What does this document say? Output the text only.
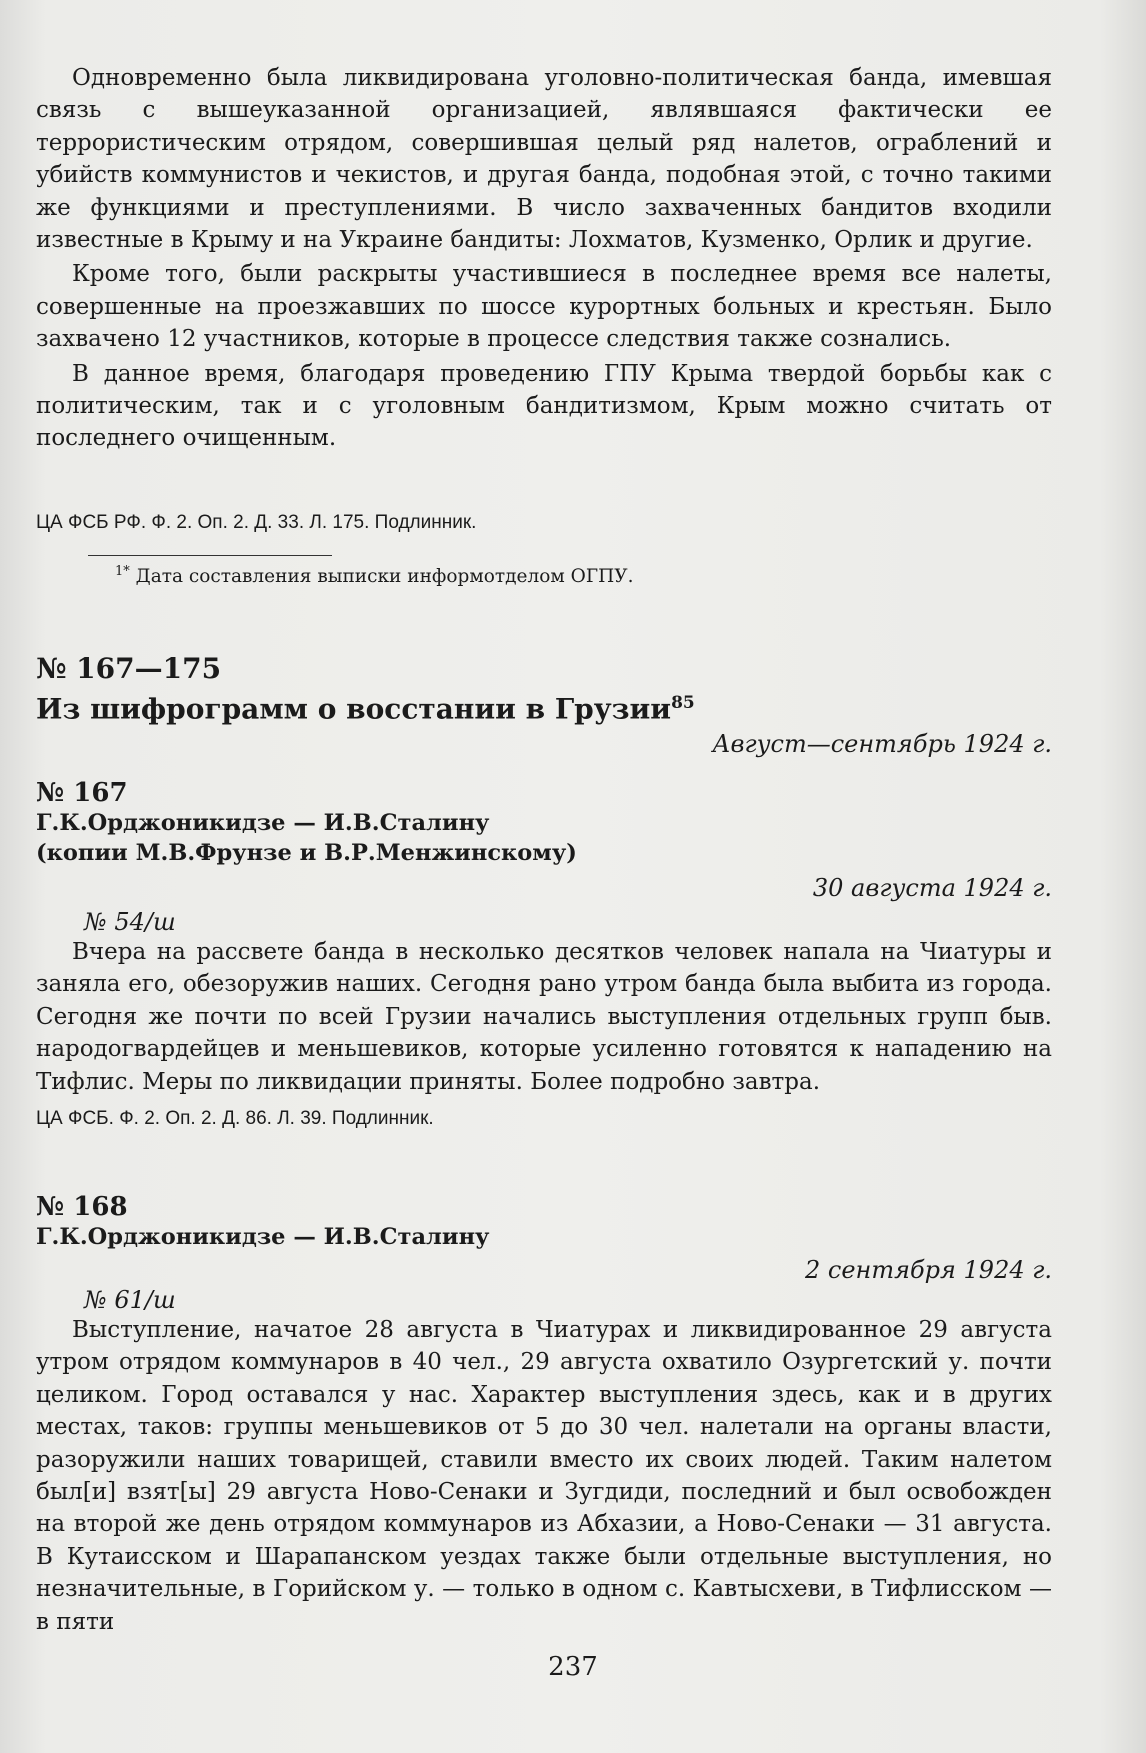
Одновременно была ликвидирована уголовно-политическая банда, имевшая связь с вышеуказанной организацией, являвшаяся фактически ее террористическим отрядом, совершившая целый ряд налетов, ограблений и убийств коммунистов и чекистов, и другая банда, подобная этой, с точно такими же функциями и преступлениями. В число захваченных бандитов входили известные в Крыму и на Украине бандиты: Лохматов, Кузменко, Орлик и другие.

Кроме того, были раскрыты участившиеся в последнее время все налеты, совершенные на проезжавших по шоссе курортных больных и крестьян. Было захвачено 12 участников, которые в процессе следствия также сознались.

В данное время, благодаря проведению ГПУ Крыма твердой борьбы как с политическим, так и с уголовным бандитизмом, Крым можно считать от последнего очищенным.

ЦА ФСБ РФ. Ф. 2. Оп. 2. Д. 33. Л. 175. Подлинник.

$^{1*}$ Дата составления выписки информотделом ОГПУ.

№ 167—175

Из шифрограмм о восстании в Грузии$^{85}$

Август—сентябрь 1924 г.

№ 167

Г.К.Орджоникидзе — И.В.Сталину

(копии М.В.Фрунзе и В.Р.Менжинскому)

30 августа 1924 г.

№ 54/ш

Вчера на рассвете банда в несколько десятков человек напала на Чиатуры и заняла его, обезоружив наших. Сегодня рано утром банда была выбита из города. Сегодня же почти по всей Грузии начались выступления отдельных групп быв. народогвардейцев и меньшевиков, которые усиленно готовятся к нападению на Тифлис. Меры по ликвидации приняты. Более подробно завтра.

ЦА ФСБ. Ф. 2. Оп. 2. Д. 86. Л. 39. Подлинник.

№ 168

Г.К.Орджоникидзе — И.В.Сталину

2 сентября 1924 г.

№ 61/ш

Выступление, начатое 28 августа в Чиатурах и ликвидированное 29 августа утром отрядом коммунаров в 40 чел., 29 августа охватило Озургетский у. почти целиком. Город оставался у нас. Характер выступления здесь, как и в других местах, таков: группы меньшевиков от 5 до 30 чел. налетали на органы власти, разоружили наших товарищей, ставили вместо их своих людей. Таким налетом был[и] взят[ы] 29 августа Ново-Сенаки и Зугдиди, последний и был освобожден на второй же день отрядом коммунаров из Абхазии, а Ново-Сенаки — 31 августа. В Кутаисском и Шарапанском уездах также были отдельные выступления, но незначительные, в Горийском у. — только в одном с. Кавтысхеви, в Тифлисском — в пяти

237
